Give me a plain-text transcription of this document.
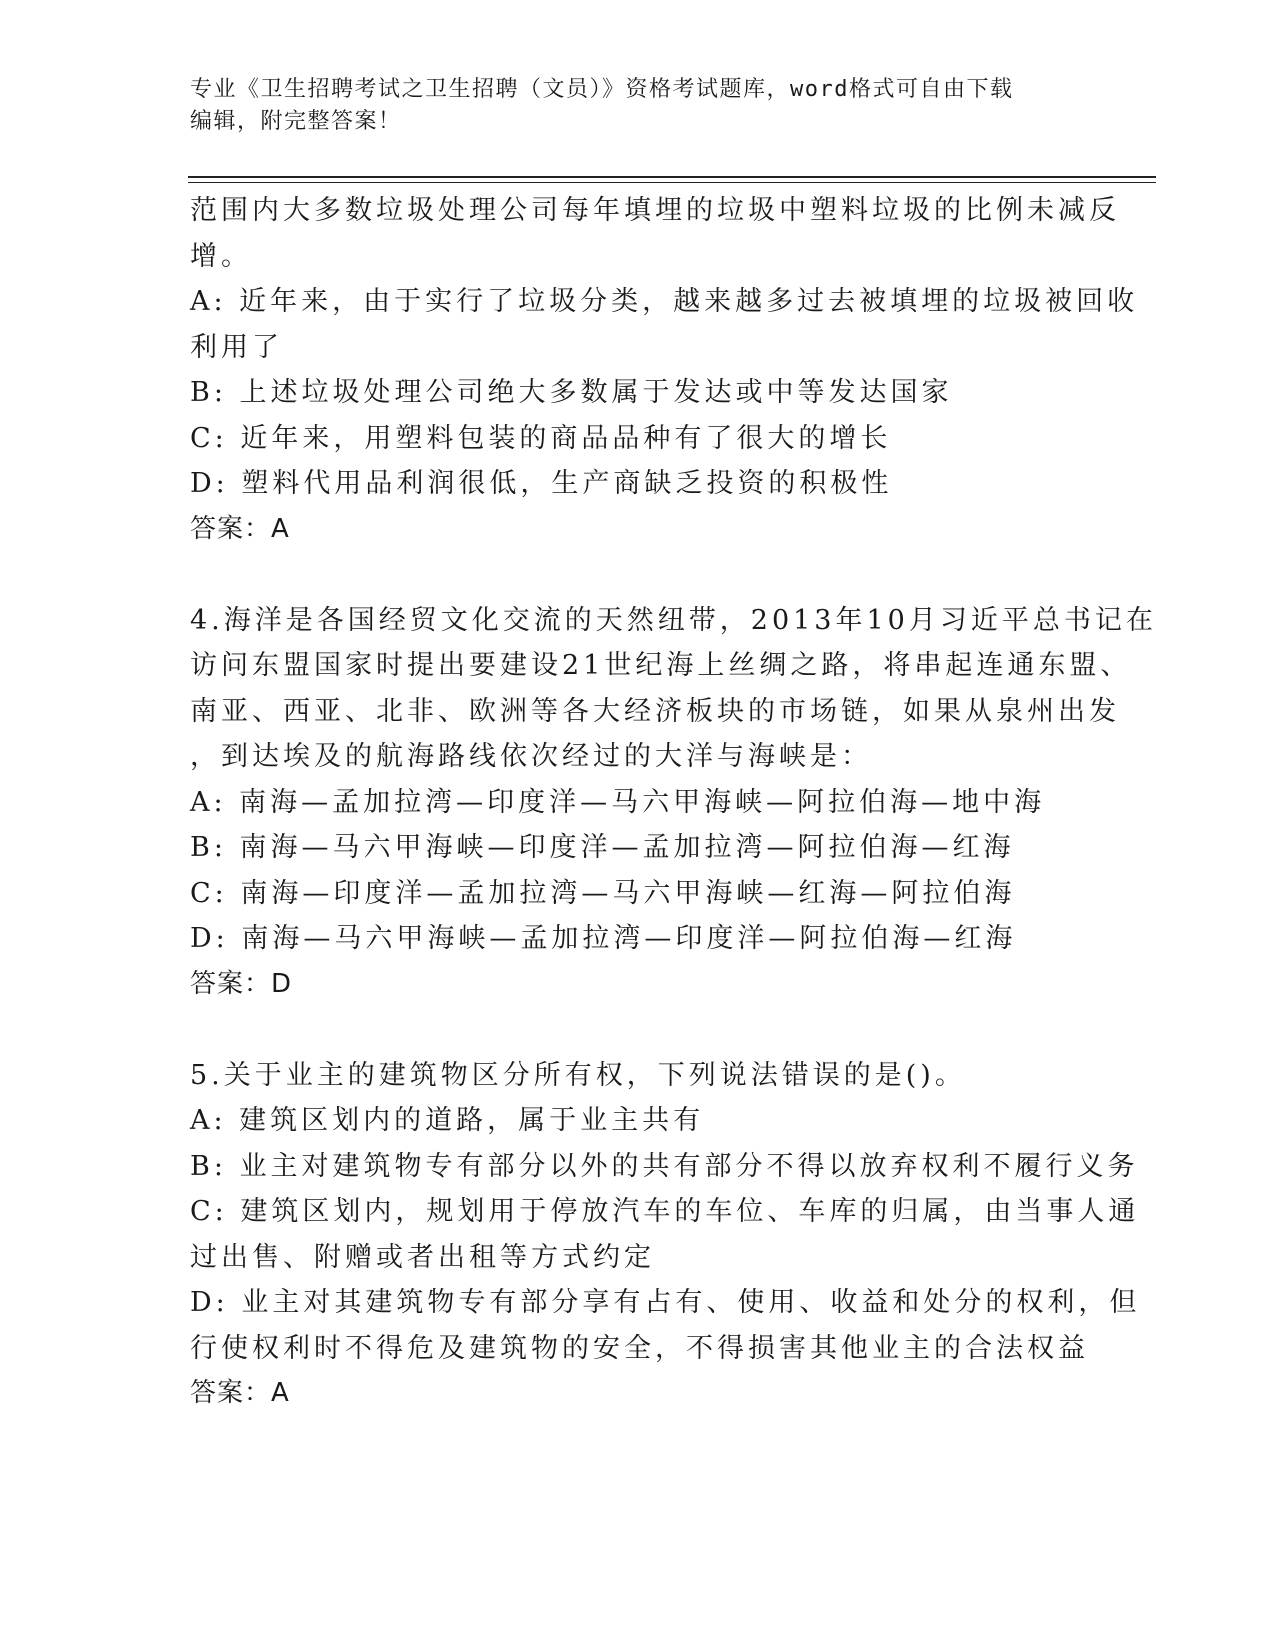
专业《卫生招聘考试之卫生招聘（文员）》资格考试题库，word格式可自由下载
编辑，附完整答案！
范围内大多数垃圾处理公司每年填埋的垃圾中塑料垃圾的比例未减反
增。
A: 近年来，由于实行了垃圾分类，越来越多过去被填埋的垃圾被回收
利用了
B: 上述垃圾处理公司绝大多数属于发达或中等发达国家
C: 近年来，用塑料包装的商品品种有了很大的增长
D: 塑料代用品利润很低，生产商缺乏投资的积极性
答案：A
4.海洋是各国经贸文化交流的天然纽带，2013年10月习近平总书记在
访问东盟国家时提出要建设21世纪海上丝绸之路，将串起连通东盟、
南亚、西亚、北非、欧洲等各大经济板块的市场链，如果从泉州出发
，到达埃及的航海路线依次经过的大洋与海峡是：
A: 南海—孟加拉湾—印度洋—马六甲海峡—阿拉伯海—地中海
B: 南海—马六甲海峡—印度洋—孟加拉湾—阿拉伯海—红海
C: 南海—印度洋—孟加拉湾—马六甲海峡—红海—阿拉伯海
D: 南海—马六甲海峡—孟加拉湾—印度洋—阿拉伯海—红海
答案：D
5.关于业主的建筑物区分所有权，下列说法错误的是()。
A: 建筑区划内的道路，属于业主共有
B: 业主对建筑物专有部分以外的共有部分不得以放弃权利不履行义务
C: 建筑区划内，规划用于停放汽车的车位、车库的归属，由当事人通
过出售、附赠或者出租等方式约定
D: 业主对其建筑物专有部分享有占有、使用、收益和处分的权利，但
行使权利时不得危及建筑物的安全，不得损害其他业主的合法权益
答案：A
